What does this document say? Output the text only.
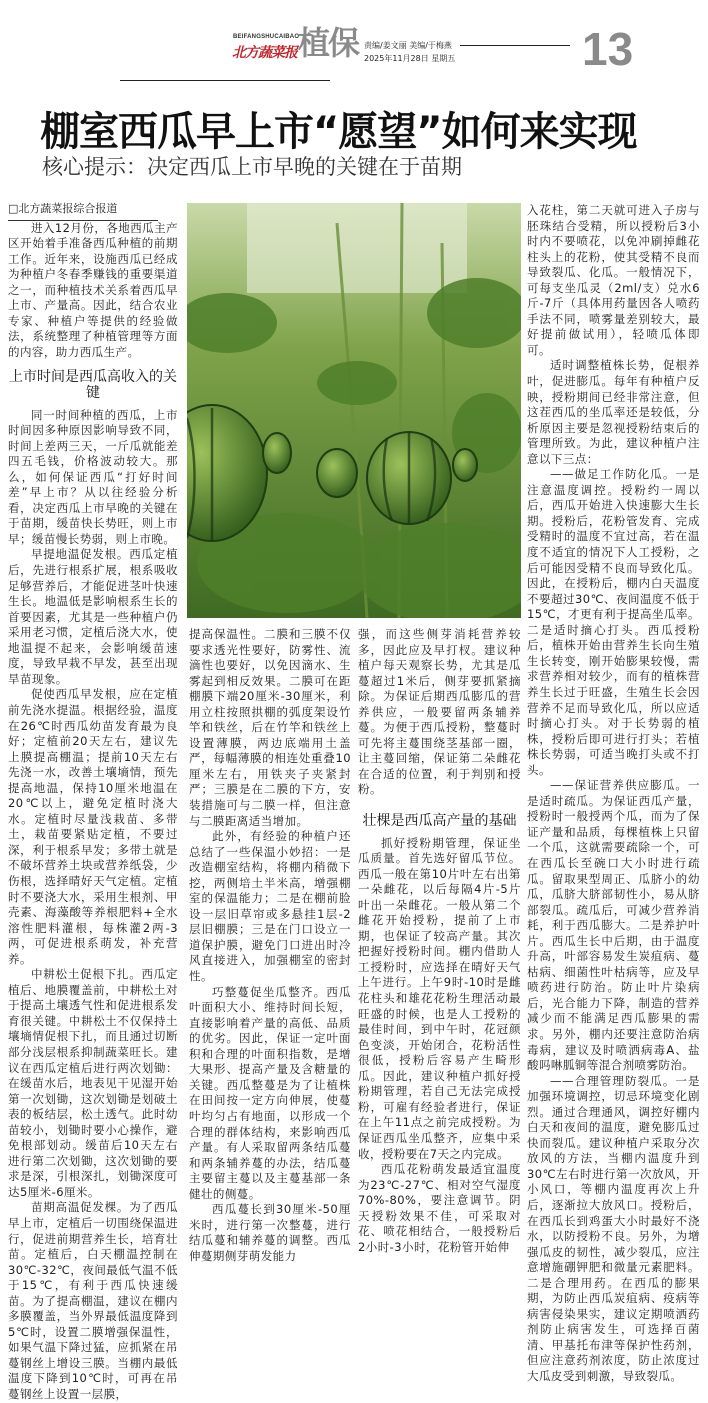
BEIFANGSHUCAIBAO
北方蔬菜报 植保 责编/姜文丽 美编/于梅燕
2025年11月28日 星期五	13
棚室西瓜早上市“愿望”如何来实现
核心提示：决定西瓜上市早晚的关键在于苗期

□北方蔬菜报综合报道

进入12月份，各地西瓜主产区开始着手准备西瓜种植的前期工作。近年来，设施西瓜已经成为种植户冬春季赚钱的重要渠道之一，而种植技术关系着西瓜早上市、产量高。因此，结合农业专家、种植户等提供的经验做法，系统整理了种植管理等方面的内容，助力西瓜生产。

上市时间是西瓜高收入的关键

同一时间种植的西瓜，上市时间因多种原因影响导致不同，时间上差两三天，一斤瓜就能差四五毛钱，价格波动较大。那么，如何保证西瓜“打好时间差”早上市？从以往经验分析看，决定西瓜上市早晚的关键在于苗期，缓苗快长势旺，则上市早；缓苗慢长势弱，则上市晚。

早提地温促发根。西瓜定植后，先进行根系扩展，根系吸收足够营养后，才能促进茎叶快速生长。地温低是影响根系生长的首要因素，尤其是一些种植户仍采用老习惯，定植后浇大水，使地温提不起来，会影响缓苗速度，导致早栽不早发，甚至出现旱苗现象。

促使西瓜早发根，应在定植前先浇水提温。根据经验，温度在26℃时西瓜幼苗发育最为良好；定植前20天左右，建议先上膜提高棚温；提前10天左右先浇一水，改善土壤墒情，预先提高地温，保持10厘米地温在20℃以上，避免定植时浇大水。定植时尽量浅栽苗、多带土，栽苗要紧贴定植，不要过深，利于根系早发；多带土就是不破坏营养土块或营养纸袋，少伤根，选择晴好天气定植。定植时不要浇大水，采用生根剂、甲壳素、海藻酸等养根肥料+全水溶性肥料灌根，每株灌2两-3两，可促进根系萌发，补充营养。

中耕松土促根下扎。西瓜定植后、地膜覆盖前，中耕松土对于提高土壤透气性和促进根系发育很关键。中耕松土不仅保持土壤墒情促根下扎，而且通过切断部分浅层根系抑制蔬菜旺长。建议在西瓜定植后进行两次划锄：在缓苗水后，地表见干见湿开始第一次划锄，这次划锄是划破土表的板结层，松土透气。此时幼苗较小，划锄时要小心操作，避免根部划动。缓苗后10天左右进行第二次划锄，这次划锄的要求是深，引根深扎，划锄深度可达5厘米-6厘米。

苗期高温促发棵。为了西瓜早上市，定植后一切围绕保温进行，促进前期营养生长，培育壮苗。定植后，白天棚温控制在30℃-32℃，夜间最低气温不低于15℃，有利于西瓜快速缓苗。为了提高棚温，建议在棚内多膜覆盖，当外界最低温度降到5℃时，设置二膜增强保温性，如果气温下降过猛，应抓紧在吊蔓钢丝上增设三膜。当棚内最低温度下降到10℃时，可再在吊蔓钢丝上设置一层膜，

提高保温性。二膜和三膜不仅要求透光性要好，防雾性、流滴性也要好，以免因滴水、生雾起到相反效果。二膜可在距棚膜下端20厘米-30厘米，利用立柱按照拱棚的弧度架设竹竿和铁丝，后在竹竿和铁丝上设置薄膜，两边底端用土盖严，每幅薄膜的相连处重叠10厘米左右，用铁夹子夹紧封严；三膜是在二膜的下方，安装措施可与二膜一样，但注意与二膜距离适当增加。

此外，有经验的种植户还总结了一些保温小妙招：一是改造棚室结构，将棚内稍微下挖，两侧培土半米高，增强棚室的保温能力；二是在棚前脸设一层旧草帘或多悬挂1层-2层旧棚膜；三是在门口设立一道保护膜，避免门口进出时冷风直接进入，加强棚室的密封性。

巧整蔓促坐瓜整齐。西瓜叶面积大小、维持时间长短，直接影响着产量的高低、品质的优劣。因此，保证一定叶面积和合理的叶面积指数，是增大果形、提高产量及含糖量的关键。西瓜整蔓是为了让植株在田间按一定方向伸展，使蔓叶均匀占有地面，以形成一个合理的群体结构，来影响西瓜产量。有人采取留两条结瓜蔓和两条辅养蔓的办法，结瓜蔓主要留主蔓以及主蔓基部一条健壮的侧蔓。

西瓜蔓长到30厘米-50厘米时，进行第一次整蔓，进行结瓜蔓和辅养蔓的调整。西瓜伸蔓期侧芽萌发能力

强，而这些侧芽消耗营养较多，因此应及早打杈。建议种植户每天观察长势，尤其是瓜蔓超过1米后，侧芽要抓紧摘除。为保证后期西瓜膨瓜的营养供应，一般要留两条辅养蔓。为便于西瓜授粉，整蔓时可先将主蔓围绕茎基部一圈，让主蔓回缩，保证第二朵雌花在合适的位置，利于判别和授粉。

壮棵是西瓜高产量的基础

抓好授粉期管理，保证坐瓜质量。首先选好留瓜节位。西瓜一般在第10片叶左右出第一朵雌花，以后每隔4片-5片叶出一朵雌花。一般从第二个雌花开始授粉，提前了上市期，也保证了较高产量。其次把握好授粉时间。棚内借助人工授粉时，应选择在晴好天气上午进行。上午9时-10时是雌花柱头和雄花花粉生理活动最旺盛的时候，也是人工授粉的最佳时间，到中午时，花冠颜色变淡，开始闭合，花粉活性很低，授粉后容易产生畸形瓜。因此，建议种植户抓好授粉期管理，若自己无法完成授粉，可雇有经验者进行，保证在上午11点之前完成授粉。为保证西瓜坐瓜整齐，应集中采收，授粉要在7天之内完成。

西瓜花粉萌发最适宜温度为23℃-27℃、相对空气湿度70%-80%，要注意调节。阴天授粉效果不佳，可采取对花、喷花相结合，一般授粉后2小时-3小时，花粉管开始伸

入花柱，第二天就可进入子房与胚珠结合受精，所以授粉后3小时内不要喷花，以免冲刷掉雌花柱头上的花粉，使其受精不良而导致裂瓜、化瓜。一般情况下，可每支坐瓜灵（2ml/支）兑水6斤-7斤（具体用药量因各人喷药手法不同，喷雾量差别较大，最好提前做试用），轻喷瓜体即可。

适时调整植株长势，促根养叶，促进膨瓜。每年有种植户反映，授粉期间已经非常注意，但这茬西瓜的坐瓜率还是较低，分析原因主要是忽视授粉结束后的管理所致。为此，建议种植户注意以下三点：

——做足工作防化瓜。一是注意温度调控。授粉约一周以后，西瓜开始进入快速膨大生长期。授粉后，花粉管发育、完成受精时的温度不宜过高，若在温度不适宜的情况下人工授粉，之后可能因受精不良而导致化瓜。因此，在授粉后，棚内白天温度不要超过30℃、夜间温度不低于15℃，才更有利于提高坐瓜率。二是适时摘心打头。西瓜授粉后，植株开始由营养生长向生殖生长转变，刚开始膨果较慢，需求营养相对较少，而有的植株营养生长过于旺盛，生殖生长会因营养不足而导致化瓜，所以应适时摘心打头。对于长势弱的植株，授粉后即可进行打头；若植株长势弱，可适当晚打头或不打头。

——保证营养供应膨瓜。一是适时疏瓜。为保证西瓜产量，授粉时一般授两个瓜，而为了保证产量和品质，每棵植株上只留一个瓜，这就需要疏除一个，可在西瓜长至碗口大小时进行疏瓜。留取果型周正、瓜脐小的幼瓜，瓜脐大脐部韧性小，易从脐部裂瓜。疏瓜后，可减少营养消耗，利于西瓜膨大。二是养护叶片。西瓜生长中后期，由于温度升高，叶部容易发生炭疽病、蔓枯病、细菌性叶枯病等，应及早喷药进行防治。防止叶片染病后，光合能力下降，制造的营养减少而不能满足西瓜膨果的需求。另外，棚内还要注意防治病毒病，建议及时喷洒病毒A、盐酸吗啉胍铜等混合剂喷雾防治。

——合理管理防裂瓜。一是加强环境调控，切忌环境变化剧烈。通过合理通风，调控好棚内白天和夜间的温度，避免膨瓜过快而裂瓜。建议种植户采取分次放风的方法，当棚内温度升到30℃左右时进行第一次放风，开小风口，等棚内温度再次上升后，逐渐拉大放风口。授粉后，在西瓜长到鸡蛋大小时最好不浇水，以防授粉不良。另外，为增强瓜皮的韧性，减少裂瓜，应注意增施硼钾肥和微量元素肥料。二是合理用药。在西瓜的膨果期，为防止西瓜炭疽病、疫病等病害侵染果实，建议定期喷洒药剂防止病害发生，可选择百菌清、甲基托布津等保护性药剂，但应注意药剂浓度，防止浓度过大瓜皮受到刺激，导致裂瓜。
